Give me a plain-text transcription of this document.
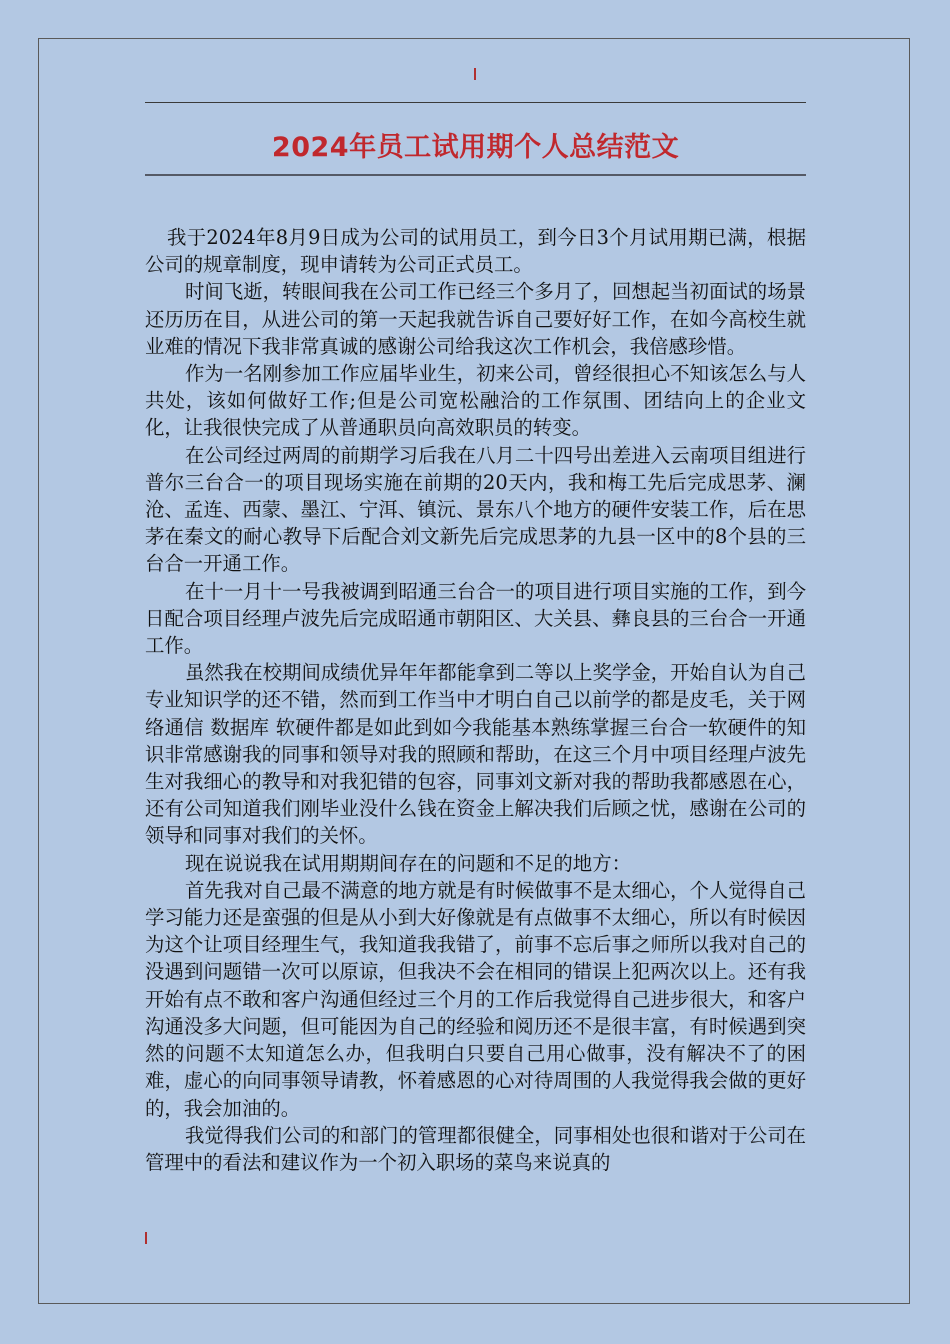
2024年员工试用期个人总结范文

我于2024年8月9日成为公司的试用员工，到今日3个月试用期已满，根据公司的规章制度，现申请转为公司正式员工。

时间飞逝，转眼间我在公司工作已经三个多月了，回想起当初面试的场景还历历在目，从进公司的第一天起我就告诉自己要好好工作，在如今高校生就业难的情况下我非常真诚的感谢公司给我这次工作机会，我倍感珍惜。

作为一名刚参加工作应届毕业生，初来公司，曾经很担心不知该怎么与人共处，该如何做好工作;但是公司宽松融洽的工作氛围、团结向上的企业文化，让我很快完成了从普通职员向高效职员的转变。

在公司经过两周的前期学习后我在八月二十四号出差进入云南项目组进行普尔三台合一的项目现场实施在前期的20天内，我和梅工先后完成思茅、澜沧、孟连、西蒙、墨江、宁洱、镇沅、景东八个地方的硬件安装工作，后在思茅在秦文的耐心教导下后配合刘文新先后完成思茅的九县一区中的8个县的三台合一开通工作。

在十一月十一号我被调到昭通三台合一的项目进行项目实施的工作，到今日配合项目经理卢波先后完成昭通市朝阳区、大关县、彝良县的三台合一开通工作。

虽然我在校期间成绩优异年年都能拿到二等以上奖学金，开始自认为自己专业知识学的还不错，然而到工作当中才明白自己以前学的都是皮毛，关于网络通信 数据库 软硬件都是如此到如今我能基本熟练掌握三台合一软硬件的知识非常感谢我的同事和领导对我的照顾和帮助，在这三个月中项目经理卢波先生对我细心的教导和对我犯错的包容，同事刘文新对我的帮助我都感恩在心，还有公司知道我们刚毕业没什么钱在资金上解决我们后顾之忧，感谢在公司的领导和同事对我们的关怀。

现在说说我在试用期期间存在的问题和不足的地方：

首先我对自己最不满意的地方就是有时候做事不是太细心，个人觉得自己学习能力还是蛮强的但是从小到大好像就是有点做事不太细心，所以有时候因为这个让项目经理生气，我知道我我错了，前事不忘后事之师所以我对自己的没遇到问题错一次可以原谅，但我决不会在相同的错误上犯两次以上。还有我开始有点不敢和客户沟通但经过三个月的工作后我觉得自己进步很大，和客户沟通没多大问题，但可能因为自己的经验和阅历还不是很丰富，有时候遇到突然的问题不太知道怎么办，但我明白只要自己用心做事，没有解决不了的困难，虚心的向同事领导请教，怀着感恩的心对待周围的人我觉得我会做的更好的，我会加油的。

我觉得我们公司的和部门的管理都很健全，同事相处也很和谐对于公司在管理中的看法和建议作为一个初入职场的菜鸟来说真的
